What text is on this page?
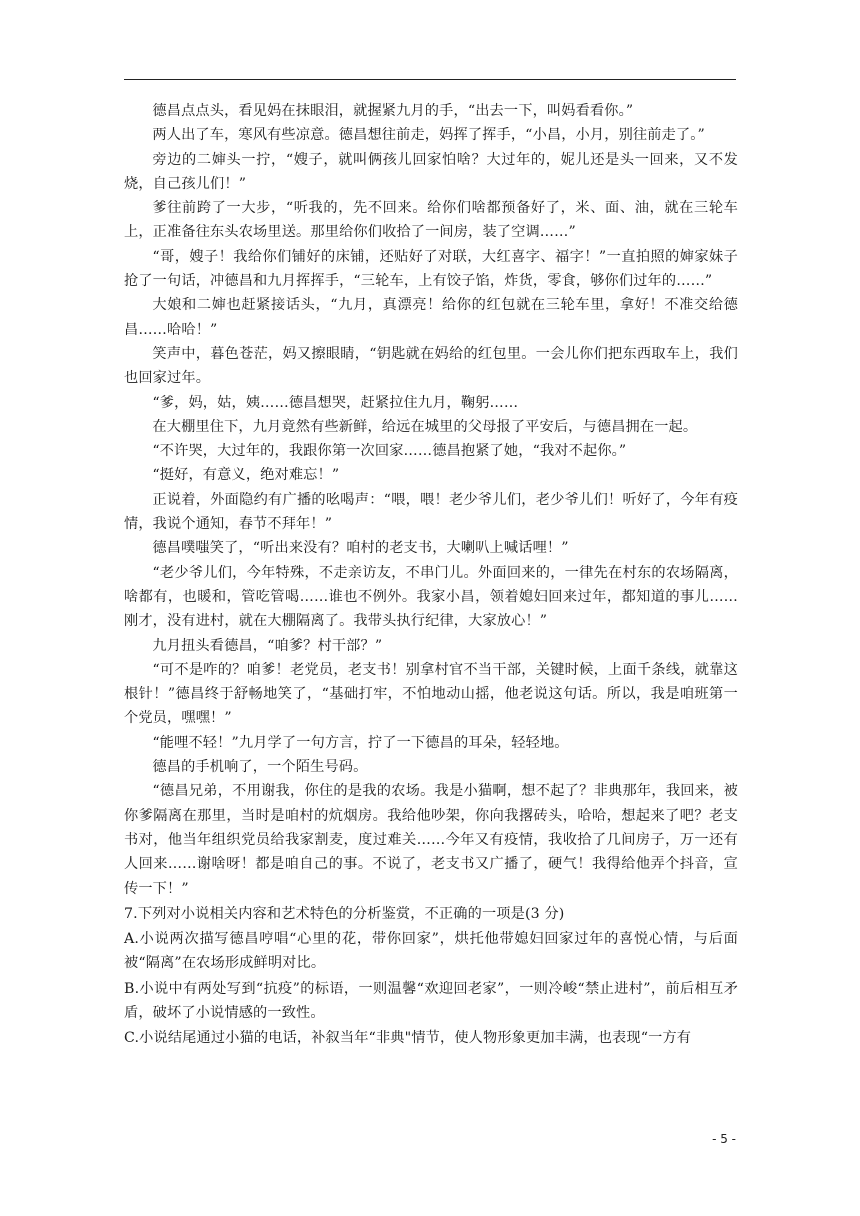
德昌点点头，看见妈在抹眼泪，就握紧九月的手，“出去一下，叫妈看看你。”

两人出了车，寒风有些凉意。德昌想往前走，妈挥了挥手，“小昌，小月，别往前走了。”

旁边的二婶头一拧，“嫂子，就叫俩孩儿回家怕啥？大过年的，妮儿还是头一回来，又不发烧，自己孩儿们！”

爹往前跨了一大步，“听我的，先不回来。给你们啥都预备好了，米、面、油，就在三轮车上，正准备往东头农场里送。那里给你们收拾了一间房，装了空调……”

“哥，嫂子！我给你们铺好的床铺，还贴好了对联，大红喜字、福字！”一直拍照的婶家妹子抢了一句话，冲德昌和九月挥挥手，“三轮车，上有饺子馅，炸货，零食，够你们过年的……”

大娘和二婶也赶紧接话头，“九月，真漂亮！给你的红包就在三轮车里，拿好！不准交给德昌……哈哈！”

笑声中，暮色苍茫，妈又擦眼睛，“钥匙就在妈给的红包里。一会儿你们把东西取车上，我们也回家过年。

“爹，妈，姑，姨……德昌想哭，赶紧拉住九月，鞠躬……

在大棚里住下，九月竟然有些新鲜，给远在城里的父母报了平安后，与德昌拥在一起。

“不许哭，大过年的，我跟你第一次回家……德昌抱紧了她，“我对不起你。”

“挺好，有意义，绝对难忘！”

正说着，外面隐约有广播的吆喝声：“喂，喂！老少爷儿们，老少爷儿们！听好了，今年有疫情，我说个通知，春节不拜年！”

德昌噗嗤笑了，“听出来没有？咱村的老支书，大喇叭上喊话哩！”

“老少爷儿们，今年特殊，不走亲访友，不串门儿。外面回来的，一律先在村东的农场隔离，啥都有，也暖和，管吃管喝……谁也不例外。我家小昌，领着媳妇回来过年，都知道的事儿……刚才，没有进村，就在大棚隔离了。我带头执行纪律，大家放心！”

九月扭头看德昌，“咱爹？村干部？”

“可不是咋的？咱爹！老党员，老支书！别拿村官不当干部，关键时候，上面千条线，就靠这根针！”德昌终于舒畅地笑了，“基础打牢，不怕地动山摇，他老说这句话。所以，我是咱班第一个党员，嘿嘿！”

“能哩不轻！”九月学了一句方言，拧了一下德昌的耳朵，轻轻地。

德昌的手机响了，一个陌生号码。

“德昌兄弟，不用谢我，你住的是我的农场。我是小猫啊，想不起了？非典那年，我回来，被你爹隔离在那里，当时是咱村的炕烟房。我给他吵架，你向我撂砖头，哈哈，想起来了吧？老支书对，他当年组织党员给我家割麦，度过难关……今年又有疫情，我收拾了几间房子，万一还有人回来……谢啥呀！都是咱自己的事。不说了，老支书又广播了，硬气！我得给他弄个抖音，宣传一下！”

7.下列对小说相关内容和艺术特色的分析鉴赏，不正确的一项是(3 分)

A.小说两次描写德昌哼唱“心里的花，带你回家”，烘托他带媳妇回家过年的喜悦心情，与后面被“隔离”在农场形成鲜明对比。

B.小说中有两处写到“抗疫”的标语，一则温馨“欢迎回老家”，一则冷峻“禁止进村”，前后相互矛盾，破坏了小说情感的一致性。

C.小说结尾通过小猫的电话，补叙当年“非典"情节，使人物形象更加丰满，也表现“一方有

- 5 -
